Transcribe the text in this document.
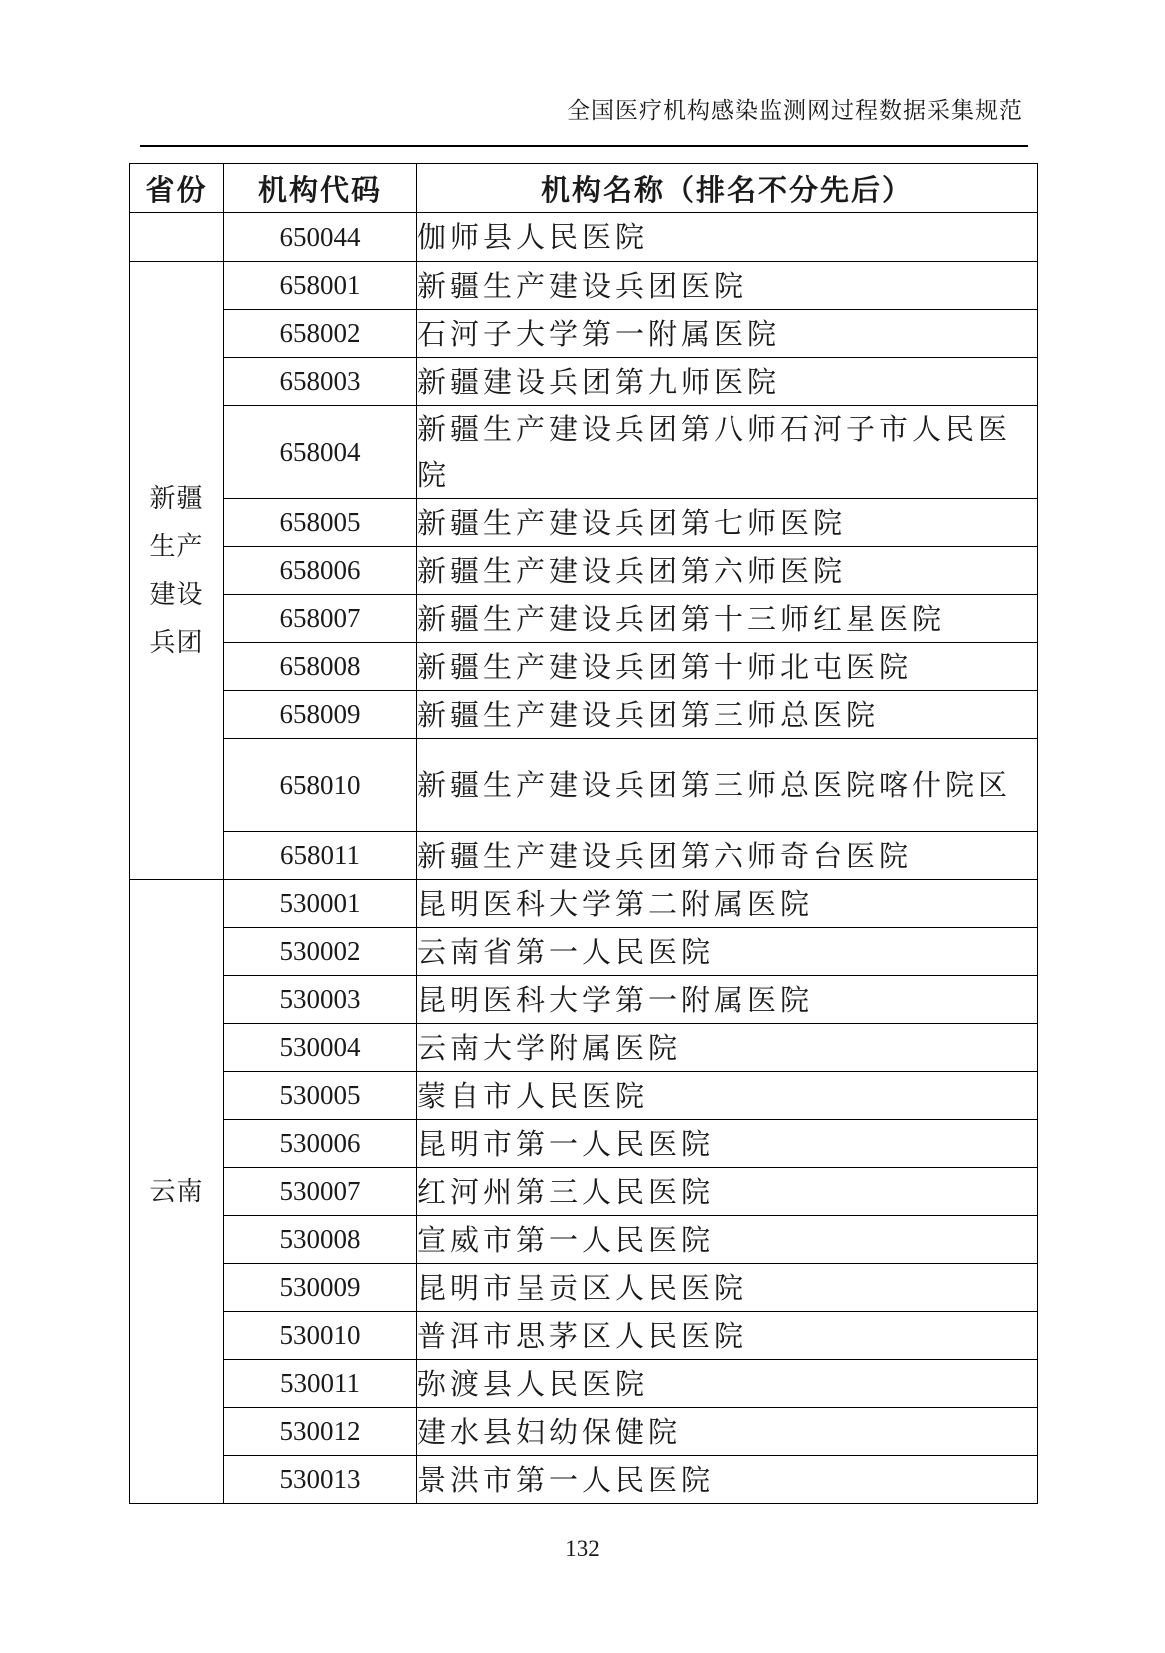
全国医疗机构感染监测网过程数据采集规范
省份	机构代码	机构名称（排名不分先后）
	650044	伽师县人民医院
新疆生产建设兵团	658001	新疆生产建设兵团医院
	658002	石河子大学第一附属医院
	658003	新疆建设兵团第九师医院
	658004	新疆生产建设兵团第八师石河子市人民医院
	658005	新疆生产建设兵团第七师医院
	658006	新疆生产建设兵团第六师医院
	658007	新疆生产建设兵团第十三师红星医院
	658008	新疆生产建设兵团第十师北屯医院
	658009	新疆生产建设兵团第三师总医院
	658010	新疆生产建设兵团第三师总医院喀什院区
	658011	新疆生产建设兵团第六师奇台医院
云南	530001	昆明医科大学第二附属医院
	530002	云南省第一人民医院
	530003	昆明医科大学第一附属医院
	530004	云南大学附属医院
	530005	蒙自市人民医院
	530006	昆明市第一人民医院
	530007	红河州第三人民医院
	530008	宣威市第一人民医院
	530009	昆明市呈贡区人民医院
	530010	普洱市思茅区人民医院
	530011	弥渡县人民医院
	530012	建水县妇幼保健院
	530013	景洪市第一人民医院
132
